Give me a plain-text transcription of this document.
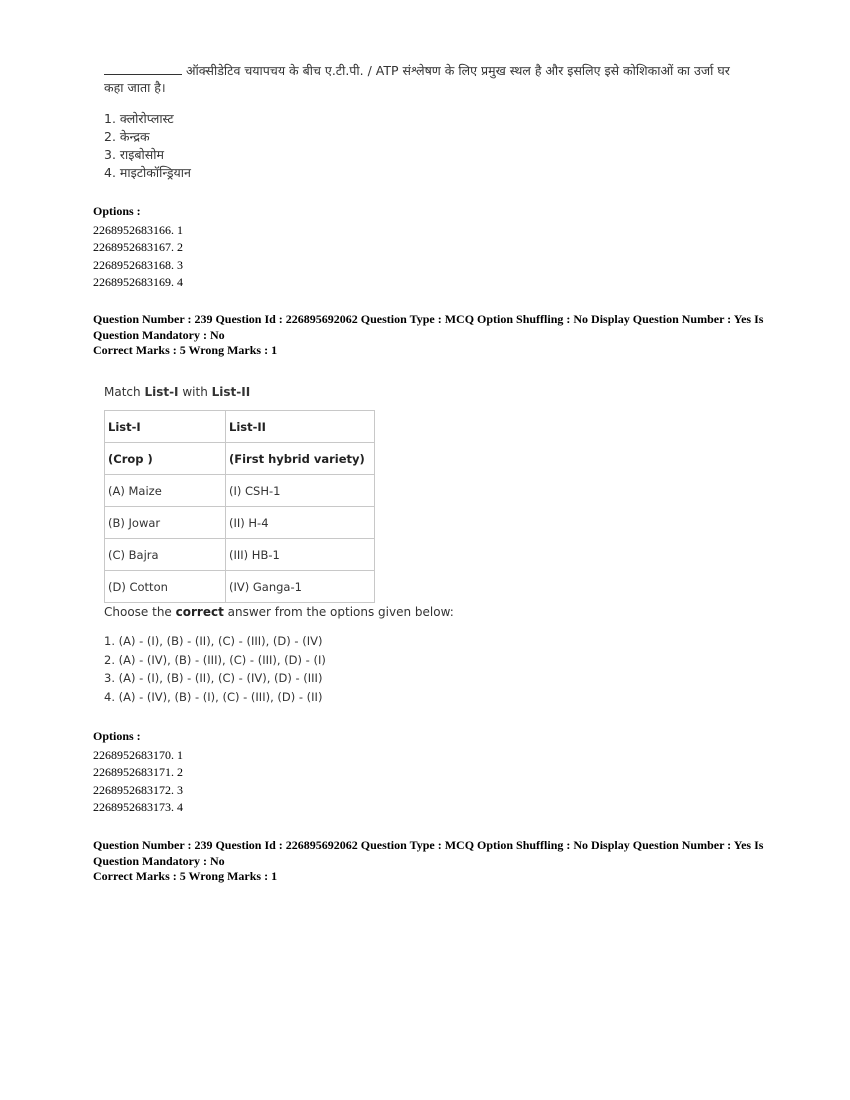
ऑक्सीडेटिव चयापचय के बीच ए.टी.पी. / ATP संश्लेषण के लिए प्रमुख स्थल है और इसलिए इसे कोशिकाओं का उर्जा घर
कहा जाता है।
1. क्लोरोप्लास्ट
2. केन्द्रक
3. राइबोसोम
4. माइटोकॉन्ड्रियान
Options :
2268952683166. 1
2268952683167. 2
2268952683168. 3
2268952683169. 4
Question Number : 239 Question Id : 226895692062 Question Type : MCQ Option Shuffling : No Display Question Number : Yes Is
Question Mandatory : No
Correct Marks : 5 Wrong Marks : 1
Match List-I with List-II
List-I	List-II
(Crop )	(First hybrid variety)
(A) Maize	(I) CSH-1
(B) Jowar	(II) H-4
(C) Bajra	(III) HB-1
(D) Cotton	(IV) Ganga-1
Choose the correct answer from the options given below:
1. (A) - (I), (B) - (II), (C) - (III), (D) - (IV)
2. (A) - (IV), (B) - (III), (C) - (III), (D) - (I)
3. (A) - (I), (B) - (II), (C) - (IV), (D) - (III)
4. (A) - (IV), (B) - (I), (C) - (III), (D) - (II)
Options :
2268952683170. 1
2268952683171. 2
2268952683172. 3
2268952683173. 4
Question Number : 239 Question Id : 226895692062 Question Type : MCQ Option Shuffling : No Display Question Number : Yes Is
Question Mandatory : No
Correct Marks : 5 Wrong Marks : 1
